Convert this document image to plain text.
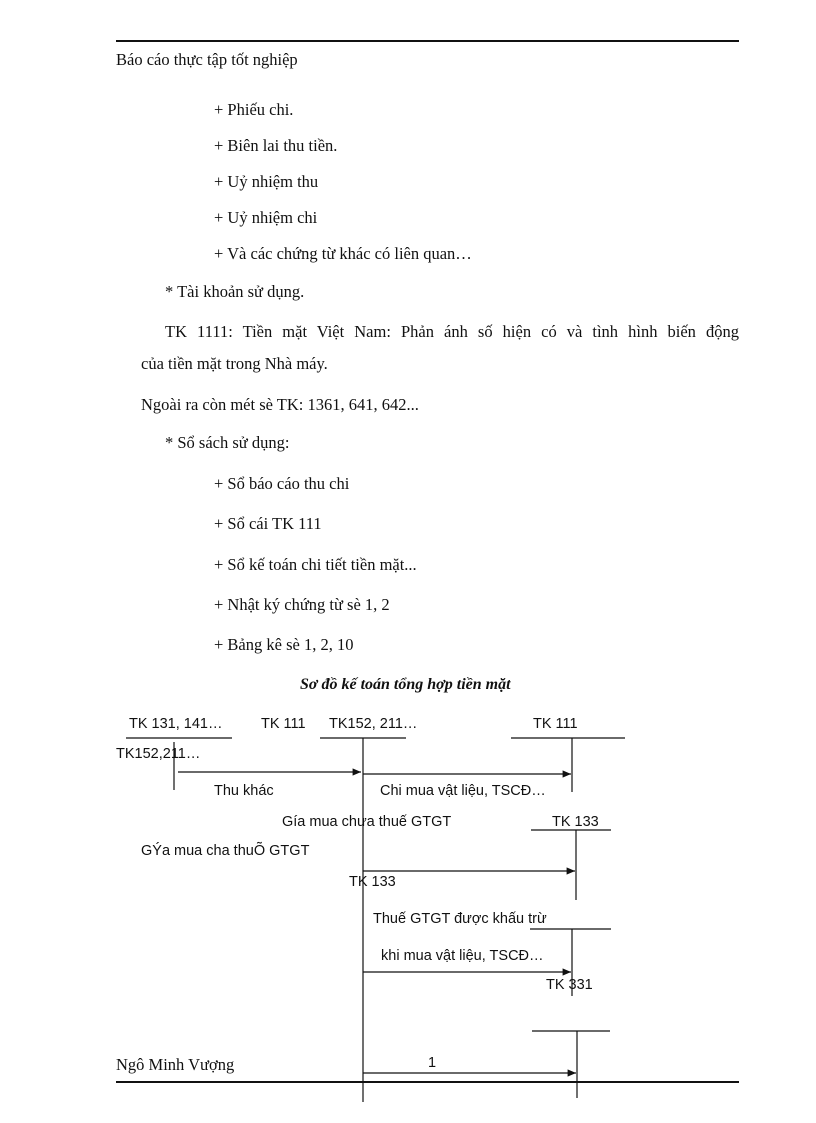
Báo cáo thực tập tốt nghiệp
+ Phiếu chi.
+ Biên lai thu tiền.
+ Uỷ nhiệm thu
+ Uỷ nhiệm chi
+ Và các chứng từ khác có liên quan…
* Tài khoản sử dụng.
TK 1111: Tiền mặt Việt Nam: Phản ánh số hiện có và tình hình biến động
của tiền mặt trong Nhà máy.
Ngoài ra còn mét sè TK: 1361, 641, 642...
* Sổ sách sử dụng:
+ Sổ báo cáo thu chi
+ Sổ cái TK 111
+ Sổ kế toán chi tiết tiền mặt...
+ Nhật ký chứng từ sè 1, 2
+ Bảng kê sè 1, 2, 10
Sơ đồ kế toán tổng hợp tiền mặt
TK 131, 141…	TK 111 TK152, 211…	TK 111
TK152,211…
Thu khác	Chi mua vật liệu, TSCĐ…
Gía mua chưa thuế GTGT	TK 133
GÝa mua cha thuÕ GTGT
TK 133
Thuế GTGT được khấu trừ
khi mua vật liệu, TSCĐ…
TK 331
1
Ngô Minh Vượng
